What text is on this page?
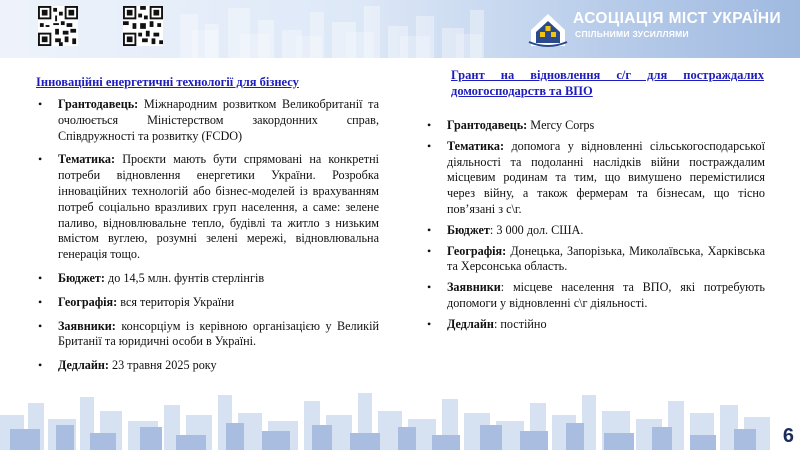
АСОЦІАЦІЯ МІСТ УКРАЇНИ
СПІЛЬНИМИ ЗУСИЛЛЯМИ
Інноваційні енергетичні технології для бізнесу
• Грантодавець: Міжнародним розвитком Великобританії та очолюється Міністерством закордонних справ, Співдружності та розвитку (FCDO)
• Тематика: Проєкти мають бути спрямовані на конкретні потреби відновлення енергетики України. Розробка інноваційних технологій або бізнес-моделей із врахуванням потреб соціально вразливих груп населення, а саме: зелене паливо, відновлювальне тепло, будівлі та житло з низьким вмістом вуглею, розумні зелені мережі, відновлювальна генерація тощо.
• Бюджет: до 14,5 млн. фунтів стерлінгів
• Географія: вся територія України
• Заявники: консорціум із керівною організацією у Великій Британії та юридичні особи в Україні.
• Дедлайн: 23 травня 2025 року
Грант на відновлення с/г для постраждалих домогосподарств та ВПО
• Грантодавець: Mercy Corps
• Тематика: допомога у відновленні сільськогосподарської діяльності та подоланні наслідків війни постраждалим місцевим родинам та тим, що вимушено перемістилися через війну, а також фермерам та бізнесам, що тісно пов’язані з с\г.
• Бюджет: 3 000 дол. США.
• Географія: Донецька, Запорізька, Миколаївська, Харківська та Херсонська область.
• Заявники: місцеве населення та ВПО, які потребують допомоги у відновленні с\г діяльності.
• Дедлайн: постійно
6
